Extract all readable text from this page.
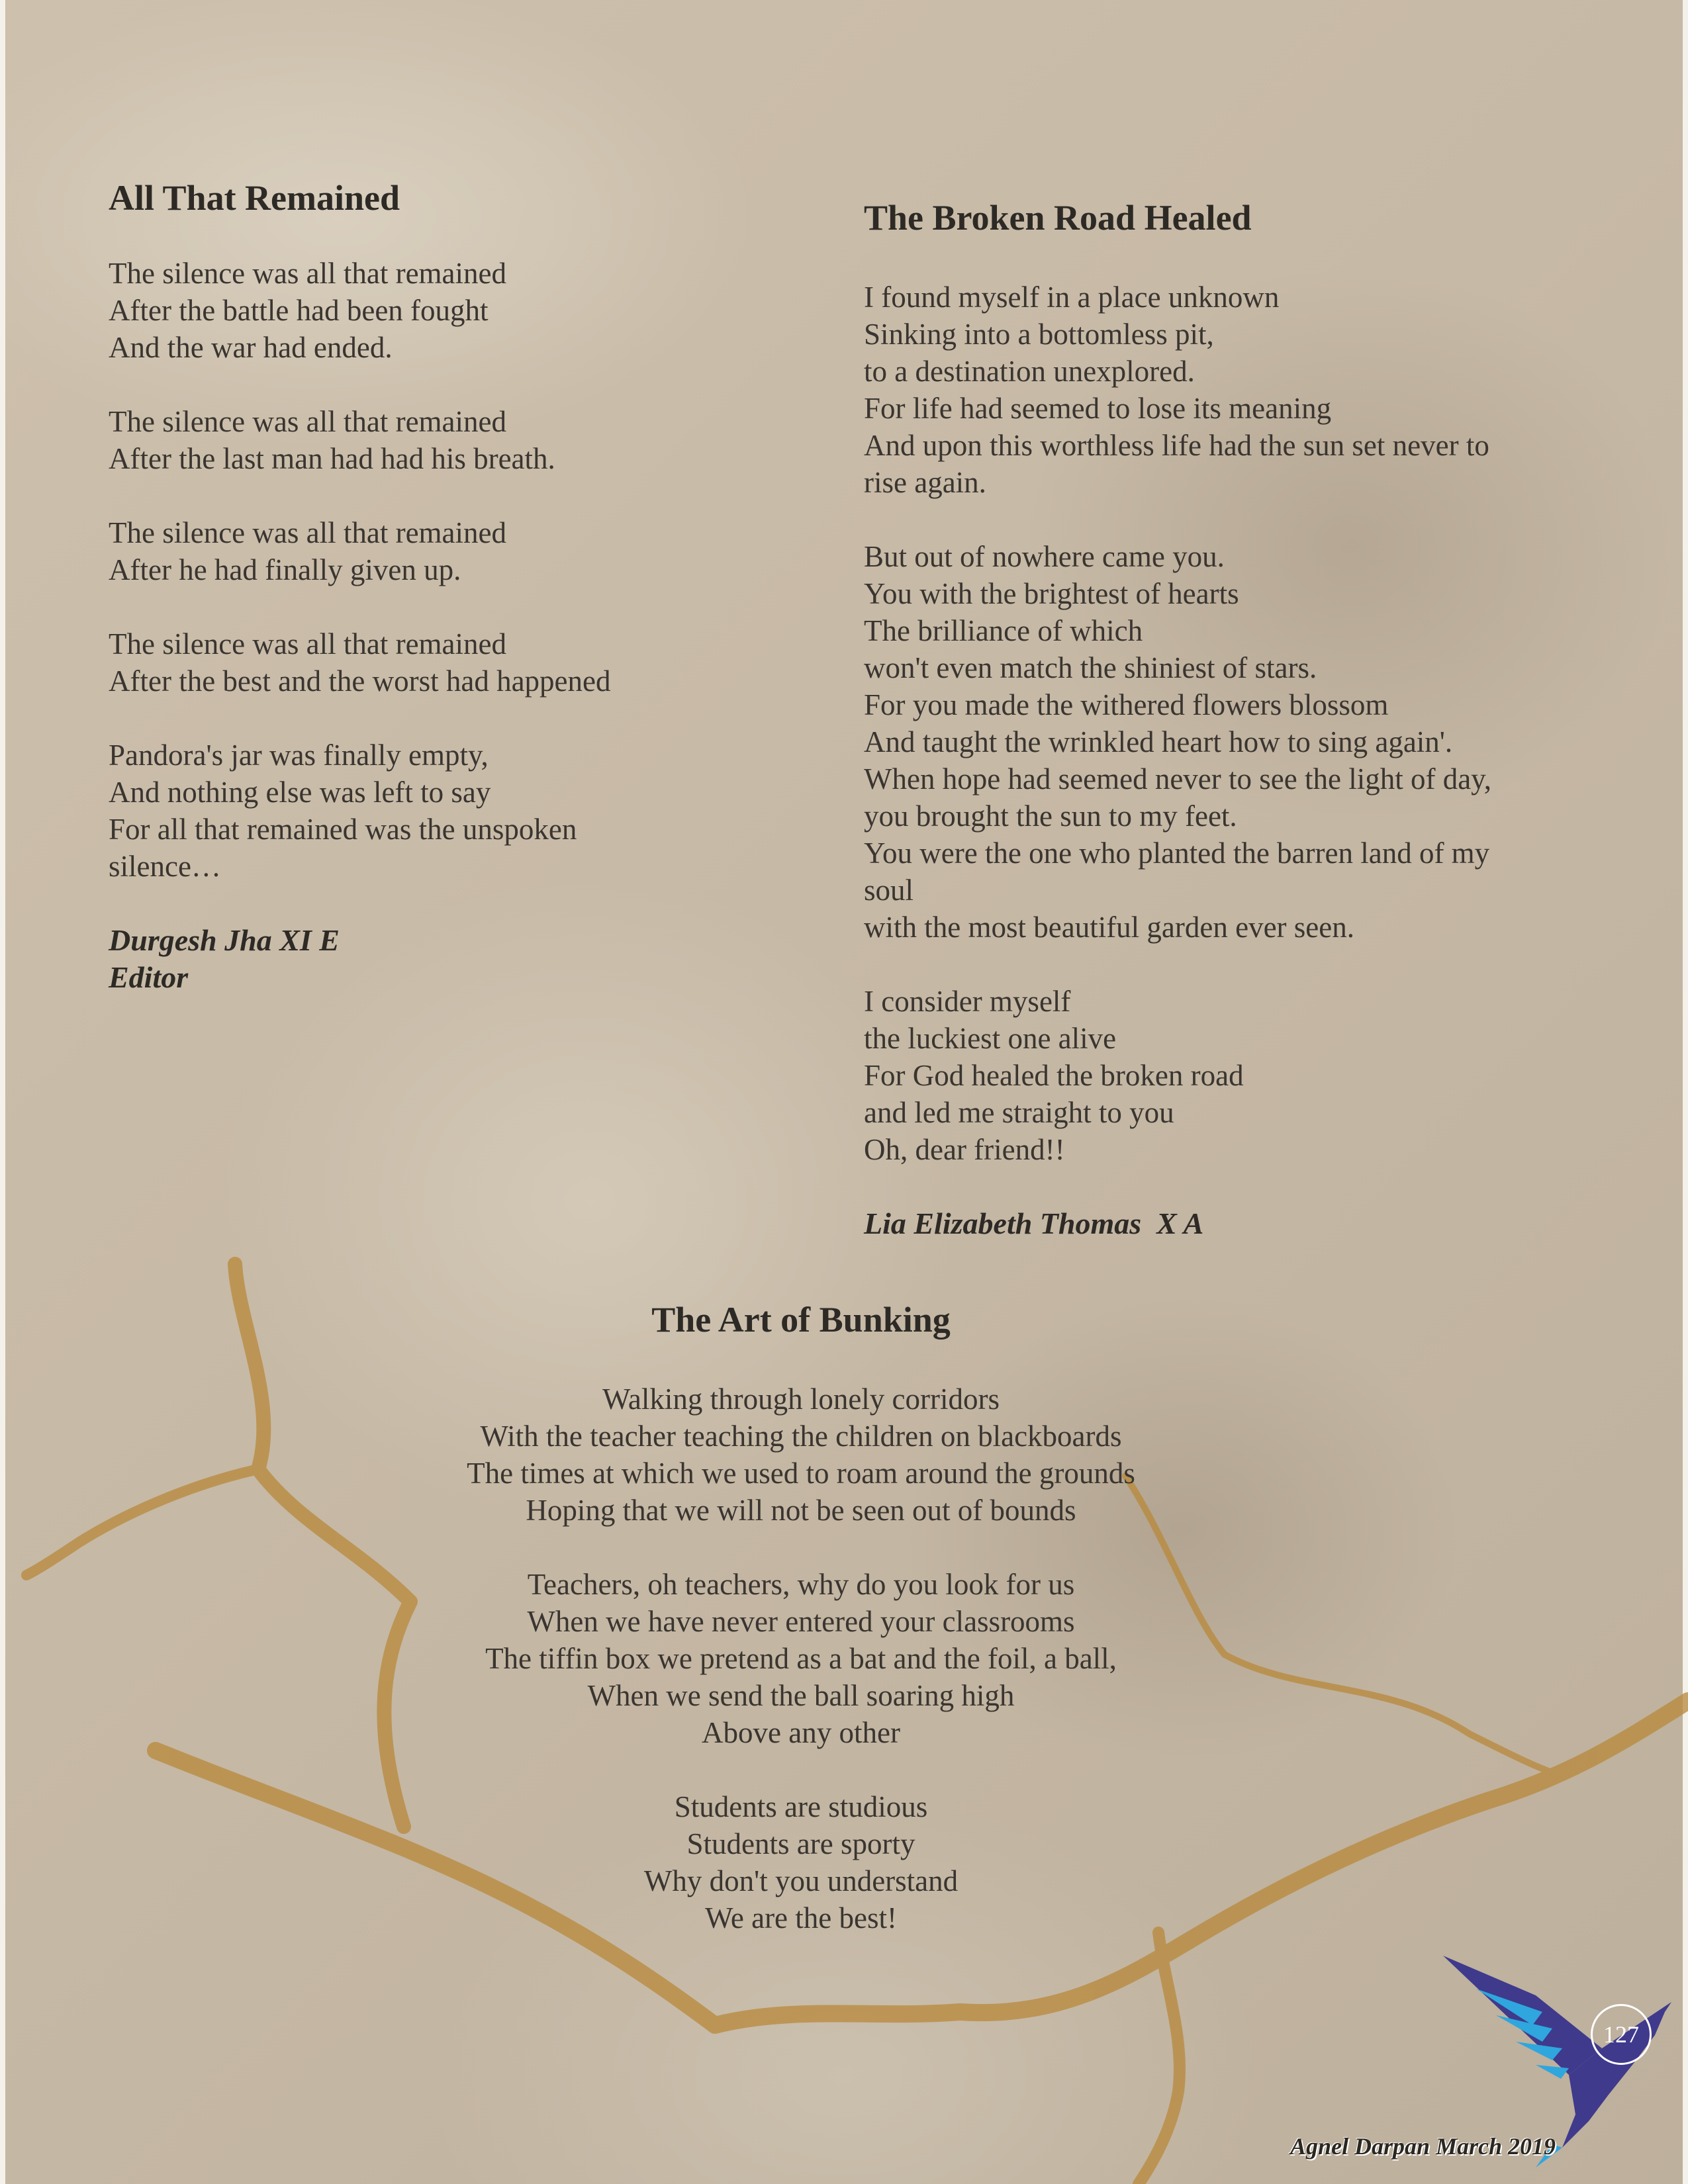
All That Remained

The silence was all that remained
After the battle had been fought
And the war had ended.

The silence was all that remained
After the last man had had his breath.

The silence was all that remained
After he had finally given up.

The silence was all that remained
After the best and the worst had happened

Pandora's jar was finally empty,
And nothing else was left to say
For all that remained was the unspoken
silence…

Durgesh Jha XI E
Editor
The Broken Road Healed

I found myself in a place unknown
Sinking into a bottomless pit,
to a destination unexplored.
For life had seemed to lose its meaning
And upon this worthless life had the sun set never to
rise again.

But out of nowhere came you.
You with the brightest of hearts
The brilliance of which
won't even match the shiniest of stars.
For you made the withered flowers blossom
And taught the wrinkled heart how to sing again'.
When hope had seemed never to see the light of day,
you brought the sun to my feet.
You were the one who planted the barren land of my
soul
with the most beautiful garden ever seen.

I consider myself
the luckiest one alive
For God healed the broken road
and led me straight to you
Oh, dear friend!!

Lia Elizabeth Thomas  X A
The Art of Bunking

Walking through lonely corridors
With the teacher teaching the children on blackboards
The times at which we used to roam around the grounds
Hoping that we will not be seen out of bounds

Teachers, oh teachers, why do you look for us
When we have never entered your classrooms
The tiffin box we pretend as a bat and the foil, a ball,
When we send the ball soaring high
Above any other

Students are studious
Students are sporty
Why don't you understand
We are the best!

127
Agnel Darpan March 2019
